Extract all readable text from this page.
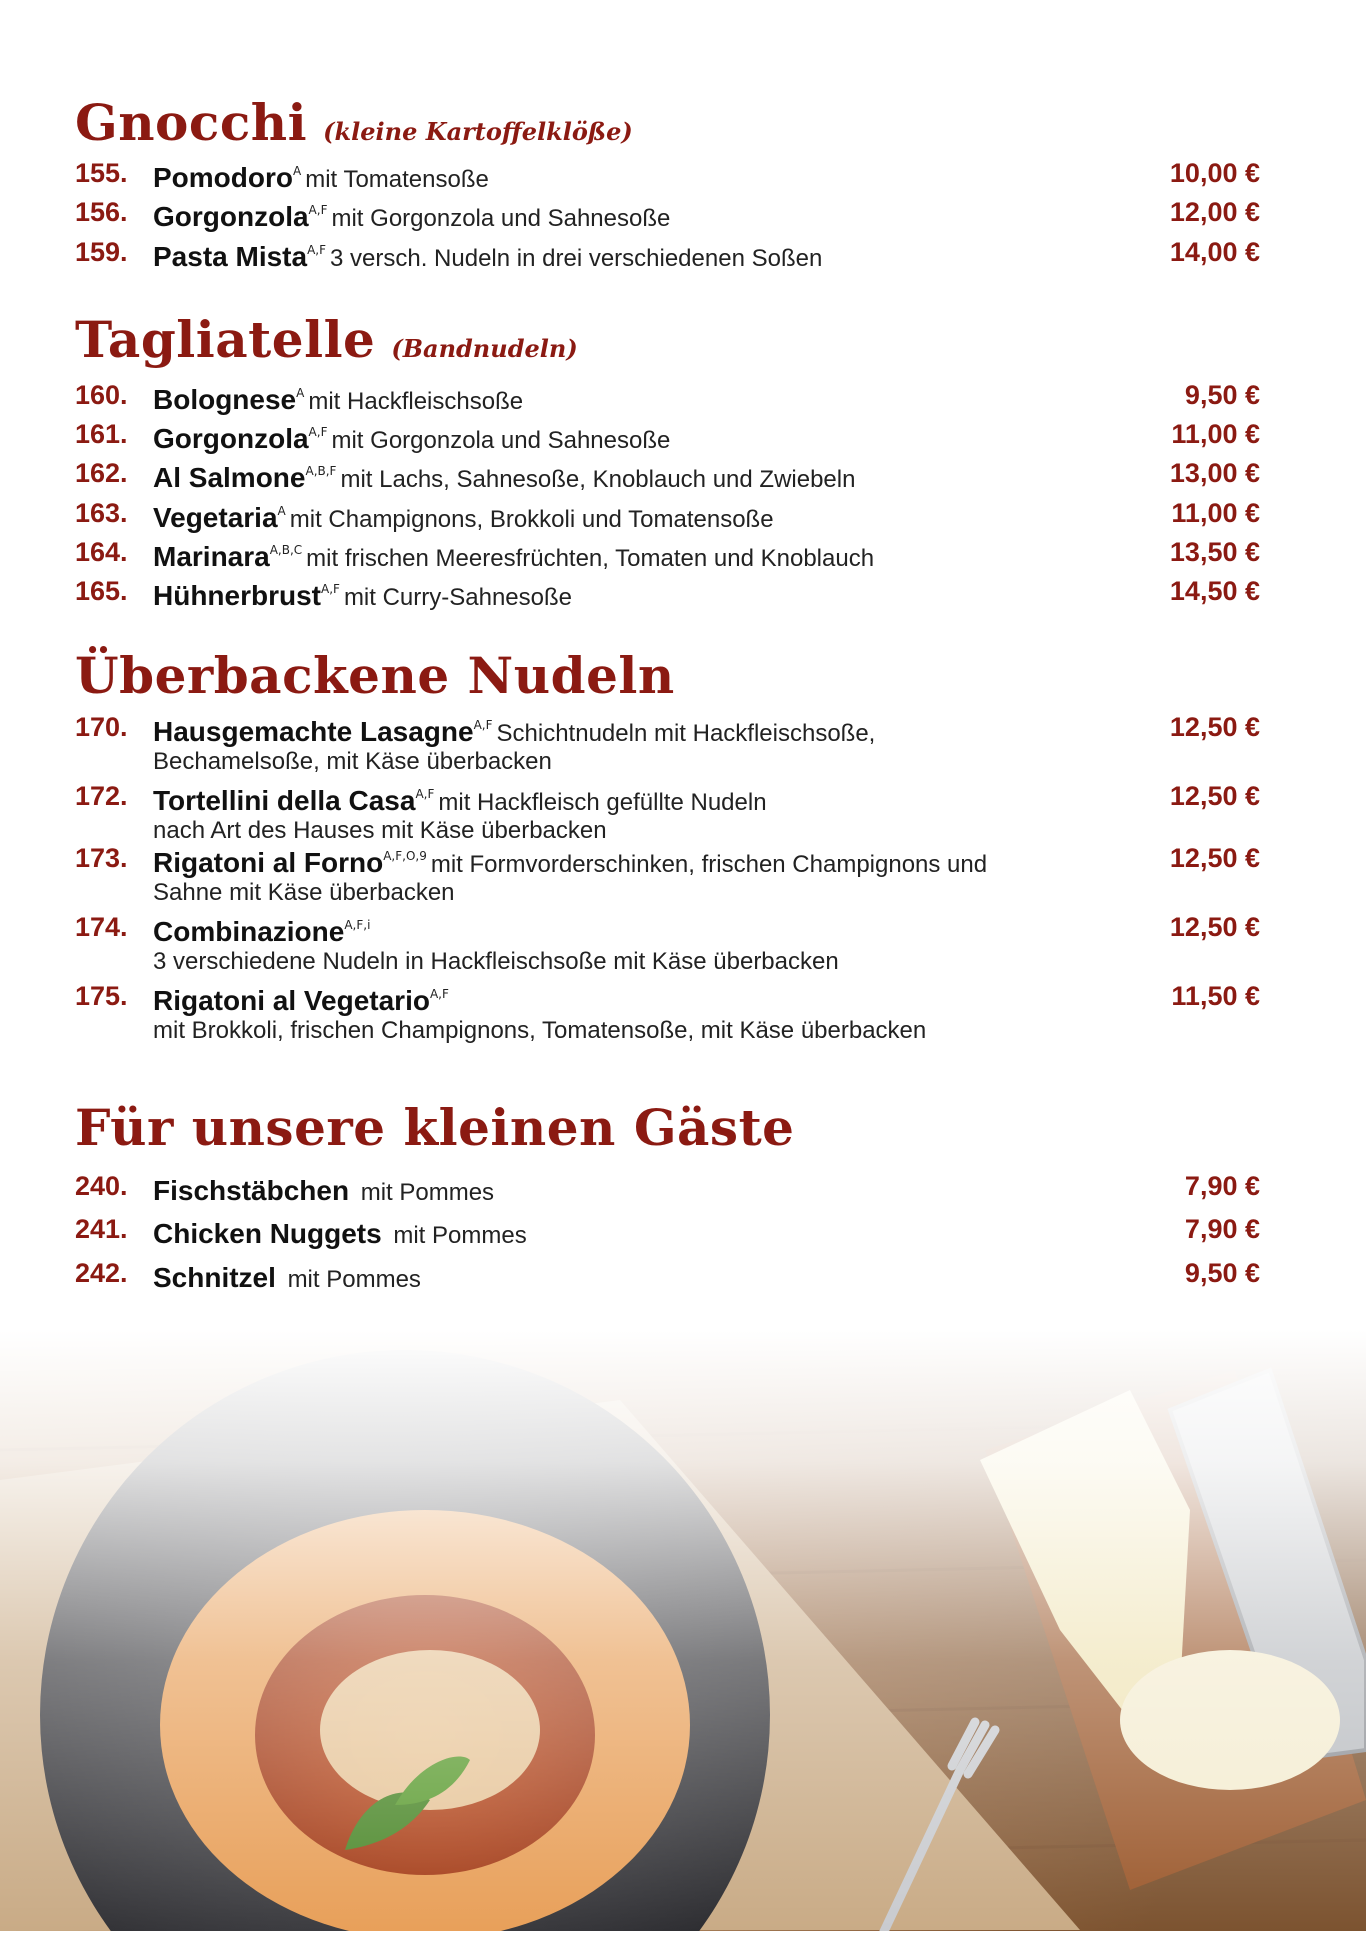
Gnocchi (kleine Kartoffelklöße)
155. Pomodoro$^A$ mit Tomatensoße	10,00 €
156. Gorgonzola$^{A,F}$ mit Gorgonzola und Sahnesoße	12,00 €
159. Pasta Mista$^{A,F}$ 3 versch. Nudeln in drei verschiedenen Soßen	14,00 €
Tagliatelle (Bandnudeln)
160. Bolognese$^A$ mit Hackfleischsoße	9,50 €
161. Gorgonzola$^{A,F}$ mit Gorgonzola und Sahnesoße	11,00 €
162. Al Salmone$^{A,B,F}$ mit Lachs, Sahnesoße, Knoblauch und Zwiebeln	13,00 €
163. Vegetaria$^A$ mit Champignons, Brokkoli und Tomatensoße	11,00 €
164. Marinara$^{A,B,C}$ mit frischen Meeresfrüchten, Tomaten und Knoblauch	13,50 €
165. Hühnerbrust$^{A,F}$ mit Curry-Sahnesoße	14,50 €
Überbackene Nudeln
170. Hausgemachte Lasagne$^{A,F}$ Schichtnudeln mit Hackfleischsoße,
Bechamelsoße, mit Käse überbacken
12,50 €
172. Tortellini della Casa$^{A,F}$ mit Hackfleisch gefüllte Nudeln
nach Art des Hauses mit Käse überbacken
12,50 €
173. Rigatoni al Forno$^{A,F,O,9}$ mit Formvorderschinken, frischen Champignons und
Sahne mit Käse überbacken
12,50 €
174. Combinazione$^{A,F,i}$
3 verschiedene Nudeln in Hackfleischsoße mit Käse überbacken
12,50 €
175. Rigatoni al Vegetario$^{A,F}$
mit Brokkoli, frischen Champignons, Tomatensoße, mit Käse überbacken
11,50 €
Für unsere kleinen Gäste
240. Fischstäbchen mit Pommes	7,90 €
241. Chicken Nuggets mit Pommes	7,90 €
242. Schnitzel mit Pommes	9,50 €
